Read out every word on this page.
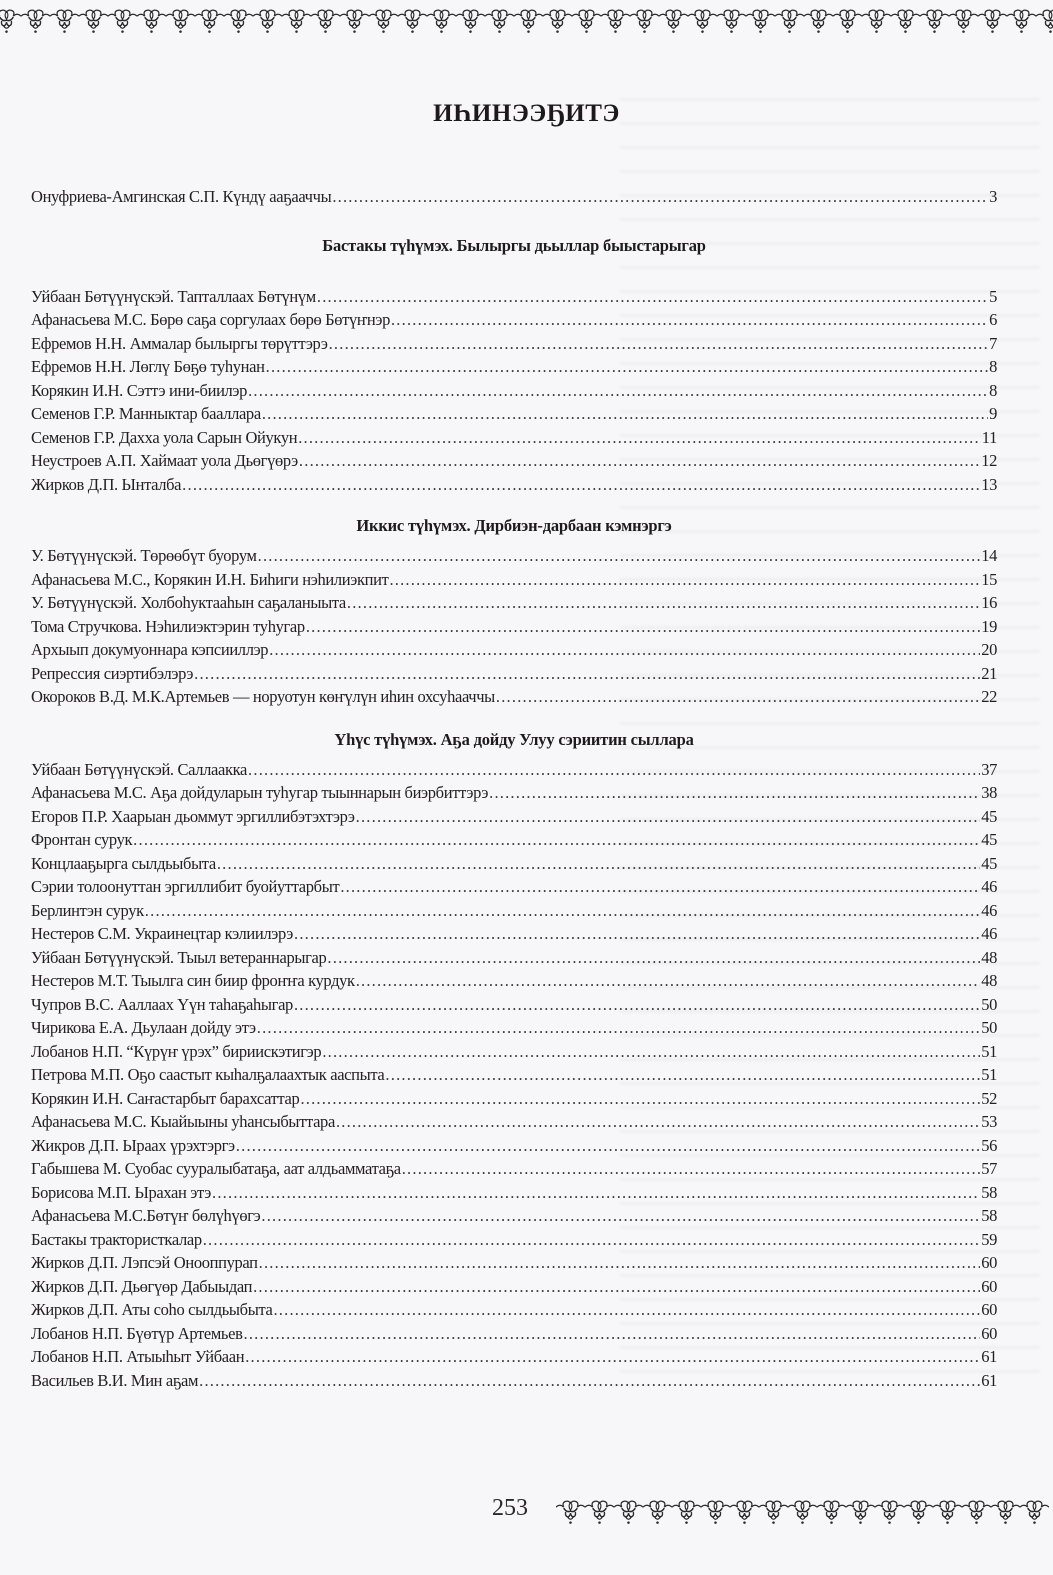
ИҺИНЭЭҔИТЭ
Онуфриева-Амгинская С.П. Күндү ааҕааччы .....	3
Бастакы түһүмэх. Былыргы дьыллар быыстарыгар
Уйбаан Бөтүүнүскэй. Тапталлаах Бөтүнүм .....	5
Афанасьева М.С. Бөрө саҕа соргулаах бөрө Бөтүҥнэр .....	6
Ефремов Н.Н. Аммалар былыргы төрүттэрэ .....	7
Ефремов Н.Н. Лөглү Бөҕө туһунан .....	8
Корякин И.Н. Сэттэ ини-биилэр .....	8
Семенов Г.Р. Манныктар бааллара .....	9
Семенов Г.Р. Дахха уола Сарын Ойукун .....	11
Неустроев А.П. Хаймаат уола Дьөгүөрэ .....	12
Жирков Д.П. Ынталба .....	13
Иккис түһүмэх. Дирбиэн-дарбаан кэмнэргэ
У. Бөтүүнүскэй. Төрөөбүт буорум .....	14
Афанасьева М.С., Корякин И.Н. Биһиги нэһилиэкпит .....	15
У. Бөтүүнүскэй. Холбоһуктааһын саҕаланыыта .....	16
Тома Стручкова. Нэһилиэктэрин туһугар .....	19
Архыып докумуоннара кэпсииллэр .....	20
Репрессия сиэртибэлэрэ .....	21
Окороков В.Д. М.К.Артемьев — норуотун көҥүлүн иһин охсуһааччы .....	22
Үһүс түһүмэх. Аҕа дойду Улуу сэриитин сыллара
Уйбаан Бөтүүнүскэй. Саллаакка .....	37
Афанасьева М.С. Аҕа дойдуларын туһугар тыыннарын биэрбиттэрэ .....	38
Егоров П.Р. Хаарыан дьоммут эргиллибэтэхтэрэ .....	45
Фронтан сурук .....	45
Концлааҕырга сылдьыбыта .....	45
Сэрии толоонуттан эргиллибит буойуттарбыт .....	46
Берлинтэн сурук .....	46
Нестеров С.М. Украинецтар кэлиилэрэ .....	46
Уйбаан Бөтүүнүскэй. Тыыл ветераннарыгар .....	48
Нестеров М.Т. Тыылга син биир фроҥҥа курдук .....	48
Чупров В.С. Ааллаах Үүн таһаҕаһыгар .....	50
Чирикова Е.А. Дьулаан дойду этэ .....	50
Лобанов Н.П. “Күрүҥ үрэх” бириискэтигэр .....	51
Петрова М.П. Оҕо саастыт кыһалҕалаахтык ааспыта .....	51
Корякин И.Н. Саҥастарбыт барахсаттар .....	52
Афанасьева М.С. Кыайыыны уһансыбыттара .....	53
Жикров Д.П. Ыраах үрэхтэргэ .....	56
Габышева М. Суобас сууралыбатаҕа, аат алдьамматаҕа .....	57
Борисова М.П. Ырахан этэ .....	58
Афанасьева М.С.Бөтүҥ бөлүһүөгэ .....	58
Бастакы трактористкалар .....	59
Жирков Д.П. Лэпсэй Онооппурап .....	60
Жирков Д.П. Дьөгүөр Дабыыдап .....	60
Жирков Д.П. Аты соһо сылдьыбыта .....	60
Лобанов Н.П. Бүөтүр Артемьев .....	60
Лобанов Н.П. Атыыһыт Уйбаан .....	61
Васильев В.И. Мин аҕам .....	61
253
